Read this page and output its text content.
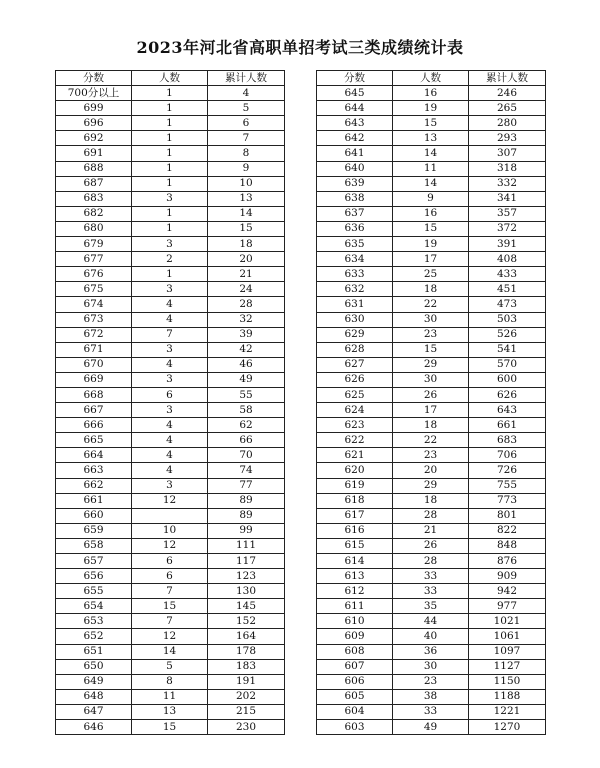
2023年河北省高职单招考试三类成绩统计表
分数	人数	累计人数
700分以上	1	4
699	1	5
696	1	6
692	1	7
691	1	8
688	1	9
687	1	10
683	3	13
682	1	14
680	1	15
679	3	18
677	2	20
676	1	21
675	3	24
674	4	28
673	4	32
672	7	39
671	3	42
670	4	46
669	3	49
668	6	55
667	3	58
666	4	62
665	4	66
664	4	70
663	4	74
662	3	77
661	12	89
660		89
659	10	99
658	12	111
657	6	117
656	6	123
655	7	130
654	15	145
653	7	152
652	12	164
651	14	178
650	5	183
649	8	191
648	11	202
647	13	215
646	15	230
分数	人数	累计人数
645	16	246
644	19	265
643	15	280
642	13	293
641	14	307
640	11	318
639	14	332
638	9	341
637	16	357
636	15	372
635	19	391
634	17	408
633	25	433
632	18	451
631	22	473
630	30	503
629	23	526
628	15	541
627	29	570
626	30	600
625	26	626
624	17	643
623	18	661
622	22	683
621	23	706
620	20	726
619	29	755
618	18	773
617	28	801
616	21	822
615	26	848
614	28	876
613	33	909
612	33	942
611	35	977
610	44	1021
609	40	1061
608	36	1097
607	30	1127
606	23	1150
605	38	1188
604	33	1221
603	49	1270
